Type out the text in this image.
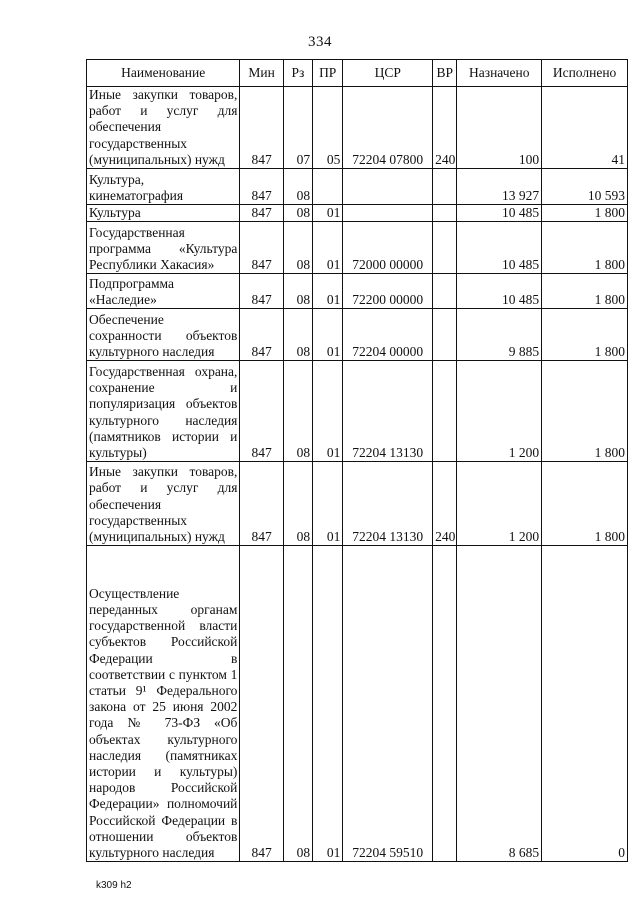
334
Наименование	Мин	Рз	ПР	ЦСР	ВР	Назначено	Исполнено
Иные закупки товаров, работ и услуг для обеспечения государственных (муниципальных) нужд	847	07	05	72204 07800	240	100	41
Культура, кинематография	847	08				13 927	10 593
Культура	847	08	01			10 485	1 800
Государственная программа «Культура Республики Хакасия»	847	08	01	72000 00000		10 485	1 800
Подпрограмма «Наследие»	847	08	01	72200 00000		10 485	1 800
Обеспечение сохранности объектов культурного наследия	847	08	01	72204 00000		9 885	1 800
Государственная охрана, сохранение и популяризация объектов культурного наследия (памятников истории и культуры)	847	08	01	72204 13130		1 200	1 800
Иные закупки товаров, работ и услуг для обеспечения государственных (муниципальных) нужд	847	08	01	72204 13130	240	1 200	1 800
Осуществление переданных органам государственной власти субъектов Российской Федерации в соответствии с пунктом 1 статьи 9¹ Федерального закона от 25 июня 2002 года № 73-ФЗ «Об объектах культурного наследия (памятниках истории и культуры) народов Российской Федерации» полномочий Российской Федерации в отношении объектов культурного наследия	847	08	01	72204 59510		8 685	0
k309 h2
